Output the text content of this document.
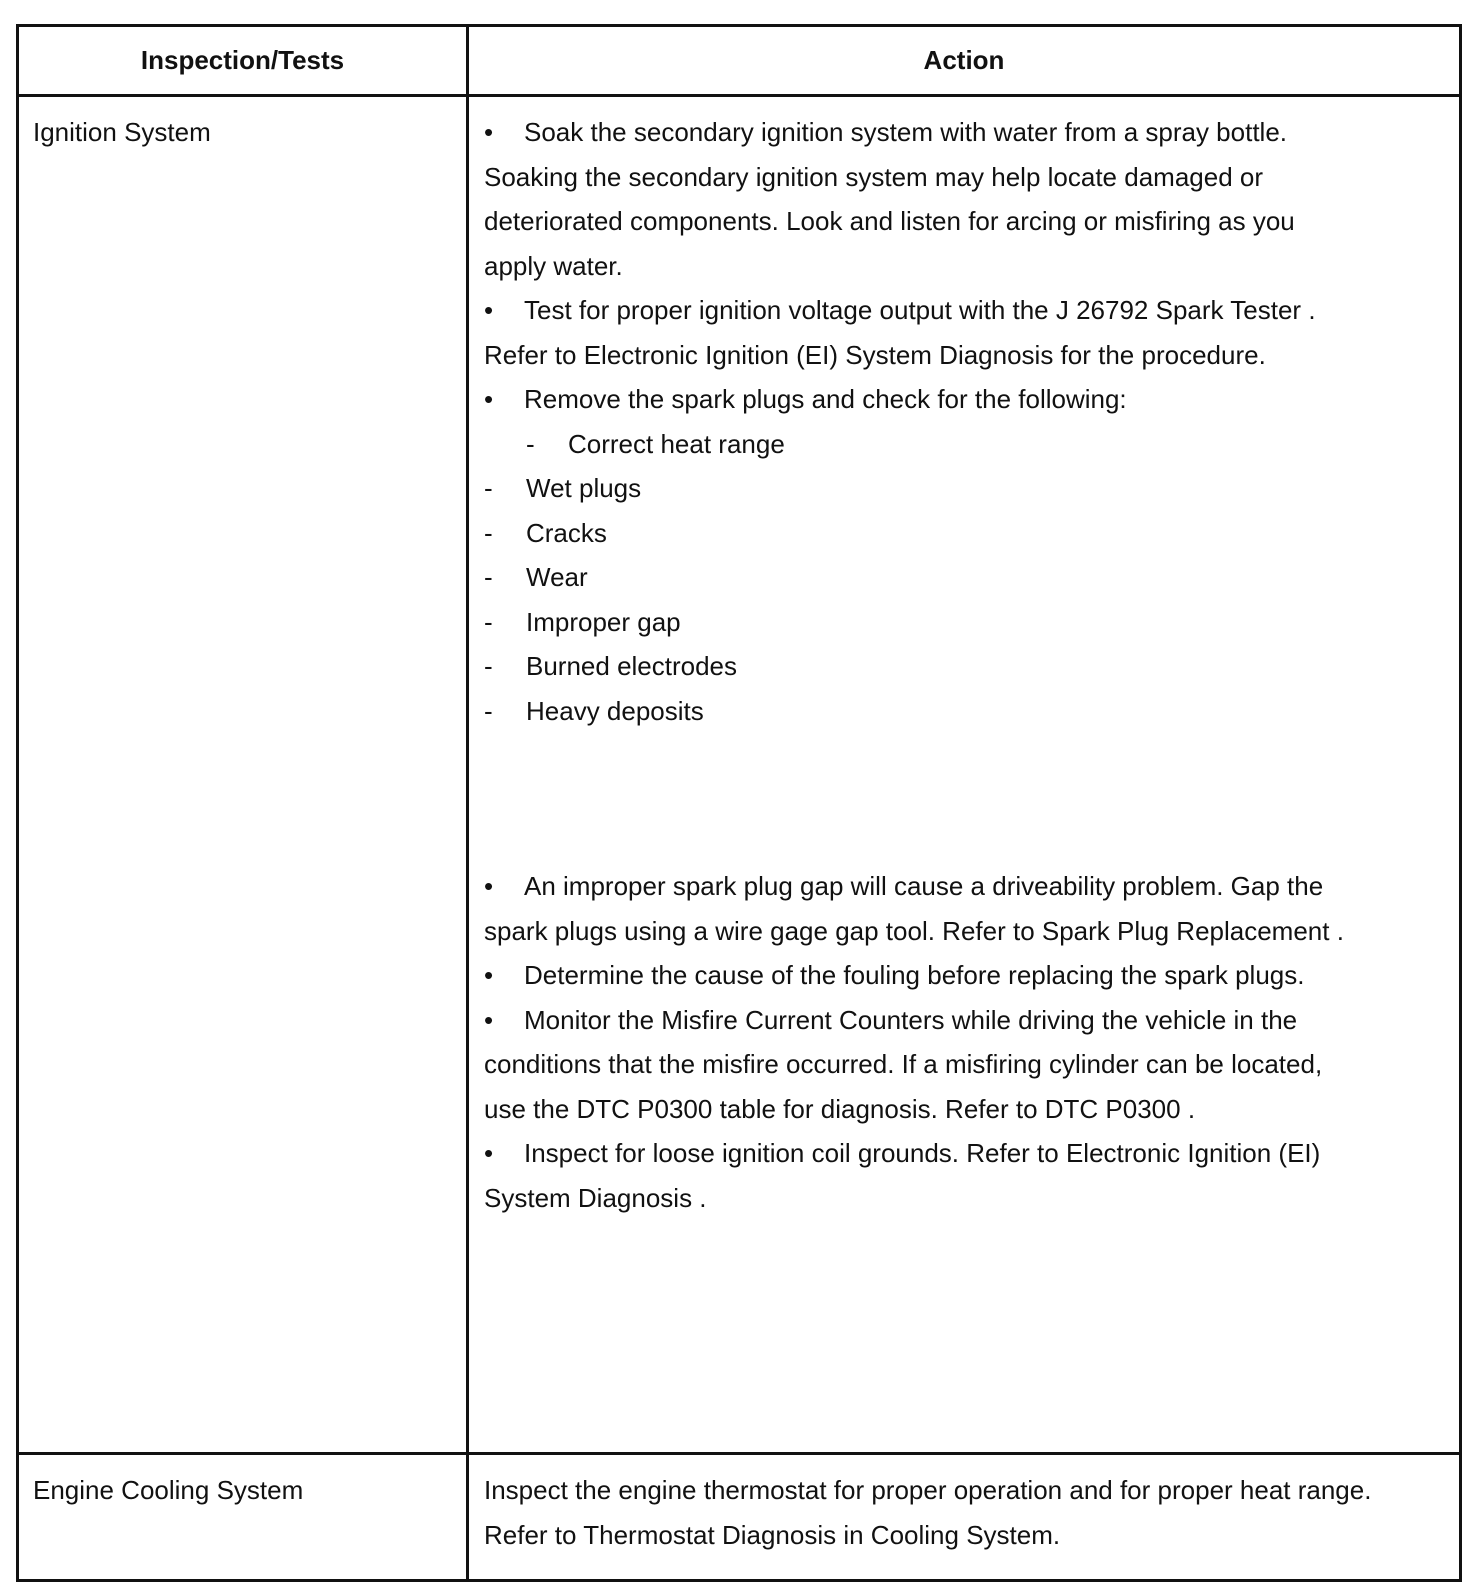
Inspection/Tests	Action
Ignition System	• Soak the secondary ignition system with water from a spray bottle. Soaking the secondary ignition system may help locate damaged or deteriorated components. Look and listen for arcing or misfiring as you apply water.

• Test for proper ignition voltage output with the J 26792 Spark Tester . Refer to Electronic Ignition (EI) System Diagnosis for the procedure.

• Remove the spark plugs and check for the following:

- Correct heat range
- Wet plugs
- Cracks
- Wear
- Improper gap
- Burned electrodes
- Heavy deposits

• An improper spark plug gap will cause a driveability problem. Gap the spark plugs using a wire gage gap tool. Refer to Spark Plug Replacement .

• Determine the cause of the fouling before replacing the spark plugs.

• Monitor the Misfire Current Counters while driving the vehicle in the conditions that the misfire occurred. If a misfiring cylinder can be located, use the DTC P0300 table for diagnosis. Refer to DTC P0300 .

• Inspect for loose ignition coil grounds. Refer to Electronic Ignition (EI) System Diagnosis .

Engine Cooling System	Inspect the engine thermostat for proper operation and for proper heat range. Refer to Thermostat Diagnosis in Cooling System.
